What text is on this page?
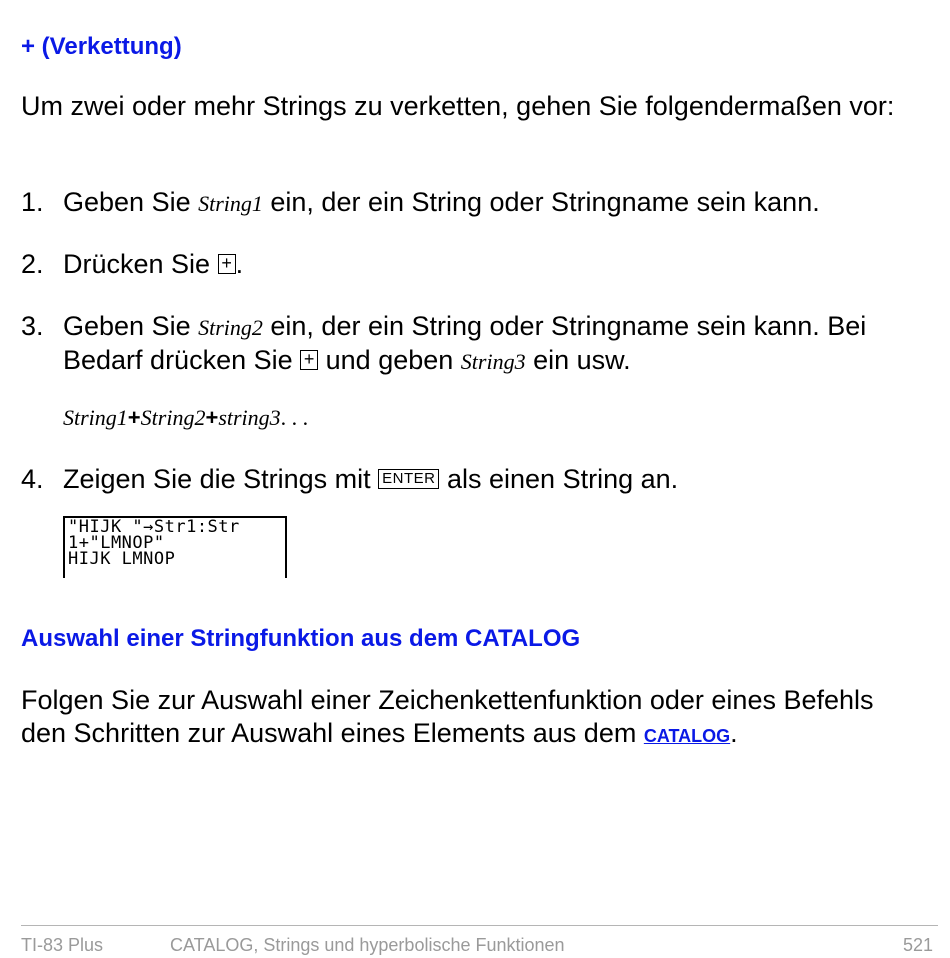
+ (Verkettung)
Um zwei oder mehr Strings zu verketten, gehen Sie folgendermaßen vor:
1. Geben Sie String1 ein, der ein String oder Stringname sein kann.
2. Drücken Sie + .
3. Geben Sie String2 ein, der ein String oder Stringname sein kann. Bei
Bedarf drücken Sie + und geben String3 ein usw.
String1+String2+string3. . .
4. Zeigen Sie die Strings mit ENTER als einen String an.
"HIJK "→Str1:Str
1+"LMNOP"
HIJK LMNOP
Auswahl einer Stringfunktion aus dem CATALOG
Folgen Sie zur Auswahl einer Zeichenkettenfunktion oder eines Befehls
den Schritten zur Auswahl eines Elements aus dem CATALOG.
TI-83 Plus	CATALOG, Strings und hyperbolische Funktionen	521
